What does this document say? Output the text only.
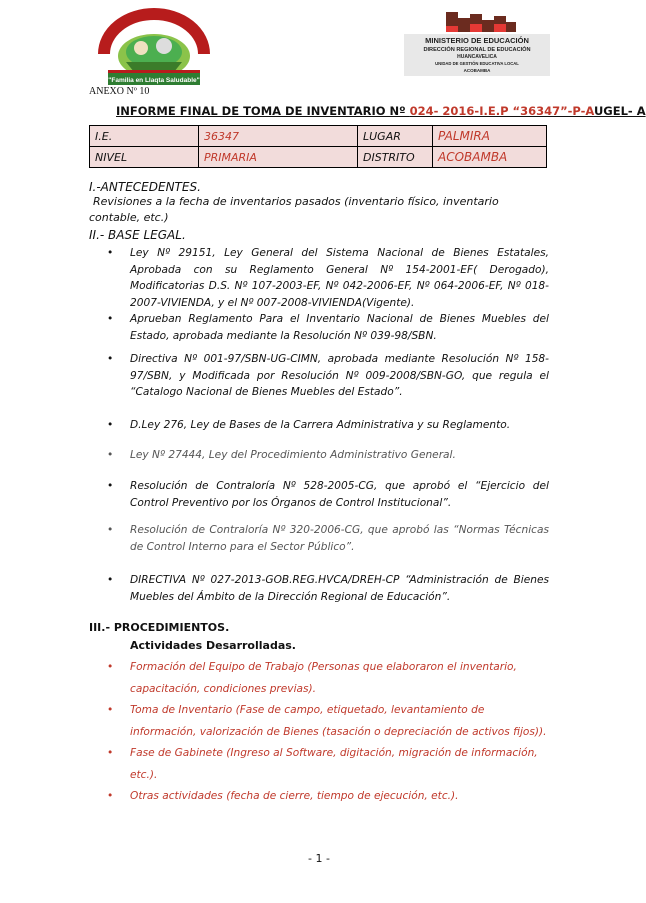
"Familia en Llaqta Saludable"
MINISTERIO DE EDUCACIÓN
DIRECCIÓN REGIONAL DE EDUCACIÓN
HUANCAVELICA
UNIDAD DE GESTIÓN EDUCATIVA LOCAL
ACOBAMBA
ANEXO Nº 10
INFORME FINAL DE TOMA DE INVENTARIO Nº 024- 2016-I.E.P “36347”-P-AUGEL- A
I.E.	36347	LUGAR	PALMIRA
NIVEL	PRIMARIA	DISTRITO	ACOBAMBA
I.-ANTECEDENTES.
Revisiones a la fecha de inventarios pasados (inventario físico, inventario contable, etc.)
II.- BASE LEGAL.
• Ley Nº 29151, Ley General del Sistema Nacional de Bienes Estatales, Aprobada con su Reglamento General Nº 154-2001-EF( Derogado), Modificatorias D.S. Nº 107-2003-EF, Nº 042-2006-EF, Nº 064-2006-EF, Nº 018-2007-VIVIENDA, y el Nº 007-2008-VIVIENDA(Vigente).
• Aprueban Reglamento Para el Inventario Nacional de Bienes Muebles del Estado, aprobada mediante la Resolución Nº 039-98/SBN.
• Directiva Nº 001-97/SBN-UG-CIMN, aprobada mediante Resolución Nº 158-97/SBN, y Modificada por Resolución Nº 009-2008/SBN-GO, que regula el “Catalogo Nacional de Bienes Muebles del Estado”.
• D.Ley 276, Ley de Bases de la Carrera Administrativa y su Reglamento.
• Ley Nº 27444, Ley del Procedimiento Administrativo General.
• Resolución de Contraloría Nº 528-2005-CG, que aprobó el “Ejercicio del Control Preventivo por los Órganos de Control Institucional”.
• Resolución de Contraloría Nº 320-2006-CG, que aprobó las “Normas Técnicas de Control Interno para el Sector Público”.
• DIRECTIVA Nº 027-2013-GOB.REG.HVCA/DREH-CP “Administración de Bienes Muebles del Ámbito de la Dirección Regional de Educación”.
III.- PROCEDIMIENTOS.
Actividades Desarrolladas.
• Formación del Equipo de Trabajo (Personas que elaboraron el inventario, capacitación, condiciones previas).
• Toma de Inventario (Fase de campo, etiquetado, levantamiento de información, valorización de Bienes (tasación o depreciación de activos fijos)).
• Fase de Gabinete (Ingreso al Software, digitación, migración de información, etc.).
• Otras actividades (fecha de cierre, tiempo de ejecución, etc.).
- 1 -
